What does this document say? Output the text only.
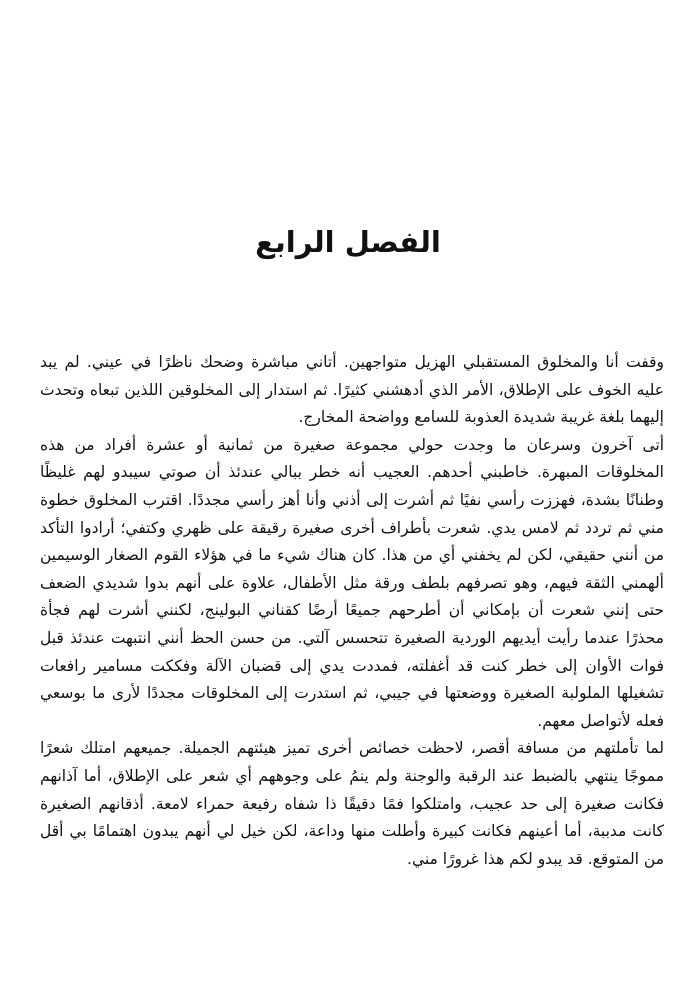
الفصل الرابع

وقفت أنا والمخلوق المستقبلي الهزيل متواجهين. أتاني مباشرة وضحك ناظرًا في عيني. لم يبد عليه الخوف على الإطلاق، الأمر الذي أدهشني كثيرًا. ثم استدار إلى المخلوقين اللذين تبعاه وتحدث إليهما بلغة غريبة شديدة العذوبة للسامع وواضحة المخارج.

أتى آخرون وسرعان ما وجدت حولي مجموعة صغيرة من ثمانية أو عشرة أفراد من هذه المخلوقات المبهرة. خاطبني أحدهم. العجيب أنه خطر ببالي عندئذ أن صوتي سيبدو لهم غليظًا وطنانًا بشدة، فهززت رأسي نفيًا ثم أشرت إلى أذني وأنا أهز رأسي مجددًا. اقترب المخلوق خطوة مني ثم تردد ثم لامس يدي. شعرت بأطراف أخرى صغيرة رقيقة على ظهري وكتفي؛ أرادوا التأكد من أنني حقيقي، لكن لم يخفني أي من هذا. كان هناك شيء ما في هؤلاء القوم الصغار الوسيمين ألهمني الثقة فيهم، وهو تصرفهم بلطف ورقة مثل الأطفال، علاوة على أنهم بدوا شديدي الضعف حتى إنني شعرت أن بإمكاني أن أطرحهم جميعًا أرضًا كقناني البولينج، لكنني أشرت لهم فجأة محذرًا عندما رأيت أيديهم الوردية الصغيرة تتحسس آلتي. من حسن الحظ أنني انتبهت عندئذ قبل فوات الأوان إلى خطر كنت قد أغفلته، فمددت يدي إلى قضبان الآلة وفككت مسامير رافعات تشغيلها الملولبة الصغيرة ووضعتها في جيبي، ثم استدرت إلى المخلوقات مجددًا لأرى ما بوسعي فعله لأتواصل معهم.

لما تأملتهم من مسافة أقصر، لاحظت خصائص أخرى تميز هيئتهم الجميلة. جميعهم امتلك شعرًا مموجًا ينتهي بالضبط عند الرقبة والوجنة ولم ينمُ على وجوههم أي شعر على الإطلاق، أما آذانهم فكانت صغيرة إلى حد عجيب، وامتلكوا فمًا دقيقًا ذا شفاه رفيعة حمراء لامعة. أذقانهم الصغيرة كانت مدببة، أما أعينهم فكانت كبيرة وأطلت منها وداعة، لكن خيل لي أنهم يبدون اهتمامًا بي أقل من المتوقع. قد يبدو لكم هذا غرورًا مني.
